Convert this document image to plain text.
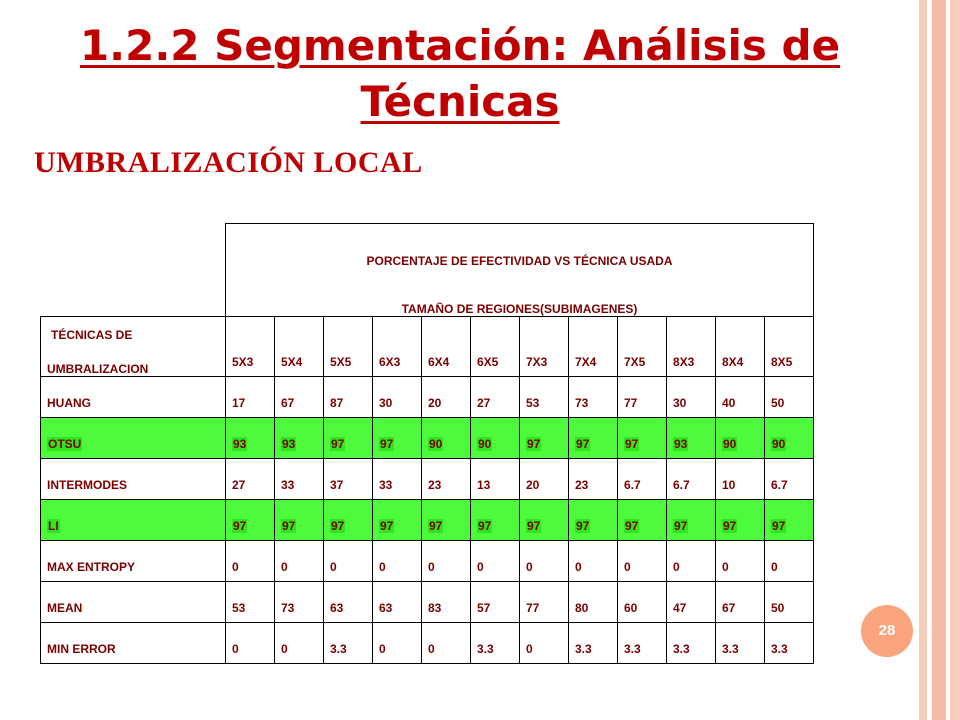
1.2.2 Segmentación: Análisis de Técnicas
UMBRALIZACIÓN LOCAL

	PORCENTAJE DE EFECTIVIDAD VS TÉCNICA USADA
TAMAÑO DE REGIONES(SUBIMAGENES)											

TÉCNICAS DE
UMBRALIZACION	5X3	5X4	5X5	6X3	6X4	6X5	7X3	7X4	7X5	8X3	8X4	8X5
HUANG	17	67	87	30	20	27	53	73	77	30	40	50
OTSU	93	93	97	97	90	90	97	97	97	93	90	90
INTERMODES	27	33	37	33	23	13	20	23	6.7	6.7	10	6.7
LI	97	97	97	97	97	97	97	97	97	97	97	97
MAX ENTROPY	0	0	0	0	0	0	0	0	0	0	0	0
MEAN	53	73	63	63	83	57	77	80	60	47	67	50
MIN ERROR	0	0	3.3	0	0	3.3	0	3.3	3.3	3.3	3.3	3.3
28
